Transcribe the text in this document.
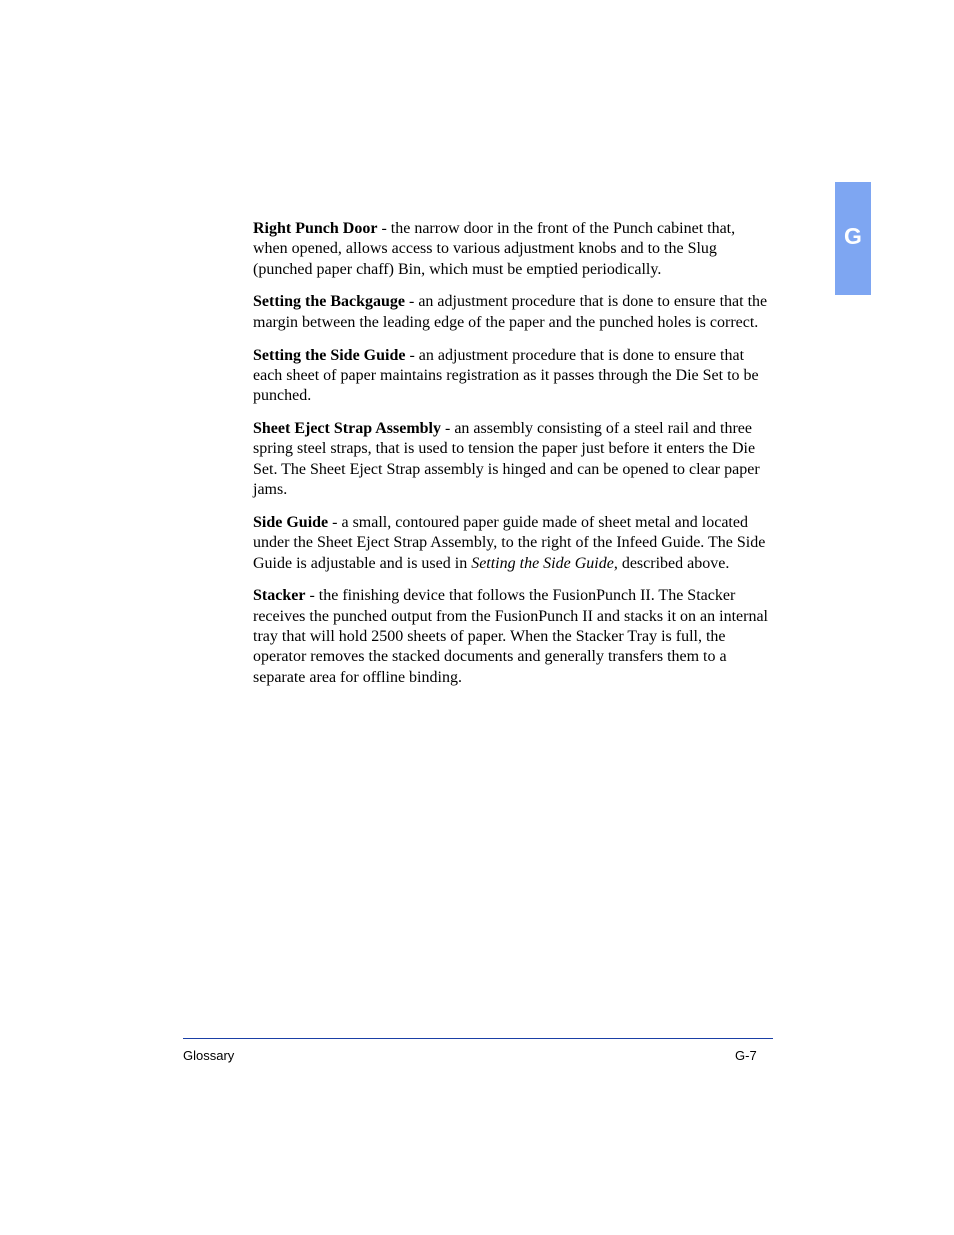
G

Right Punch Door - the narrow door in the front of the Punch cabinet that, when opened, allows access to various adjustment knobs and to the Slug (punched paper chaff) Bin, which must be emptied periodically.

Setting the Backgauge - an adjustment procedure that is done to ensure that the margin between the leading edge of the paper and the punched holes is correct.

Setting the Side Guide - an adjustment procedure that is done to ensure that each sheet of paper maintains registration as it passes through the Die Set to be punched.

Sheet Eject Strap Assembly - an assembly consisting of a steel rail and three spring steel straps, that is used to tension the paper just before it enters the Die Set. The Sheet Eject Strap assembly is hinged and can be opened to clear paper jams.

Side Guide - a small, contoured paper guide made of sheet metal and located under the Sheet Eject Strap Assembly, to the right of the Infeed Guide. The Side Guide is adjustable and is used in Setting the Side Guide, described above.

Stacker - the finishing device that follows the FusionPunch II. The Stacker receives the punched output from the FusionPunch II and stacks it on an internal tray that will hold 2500 sheets of paper. When the Stacker Tray is full, the operator removes the stacked documents and generally transfers them to a separate area for offline binding.

Glossary	G-7
